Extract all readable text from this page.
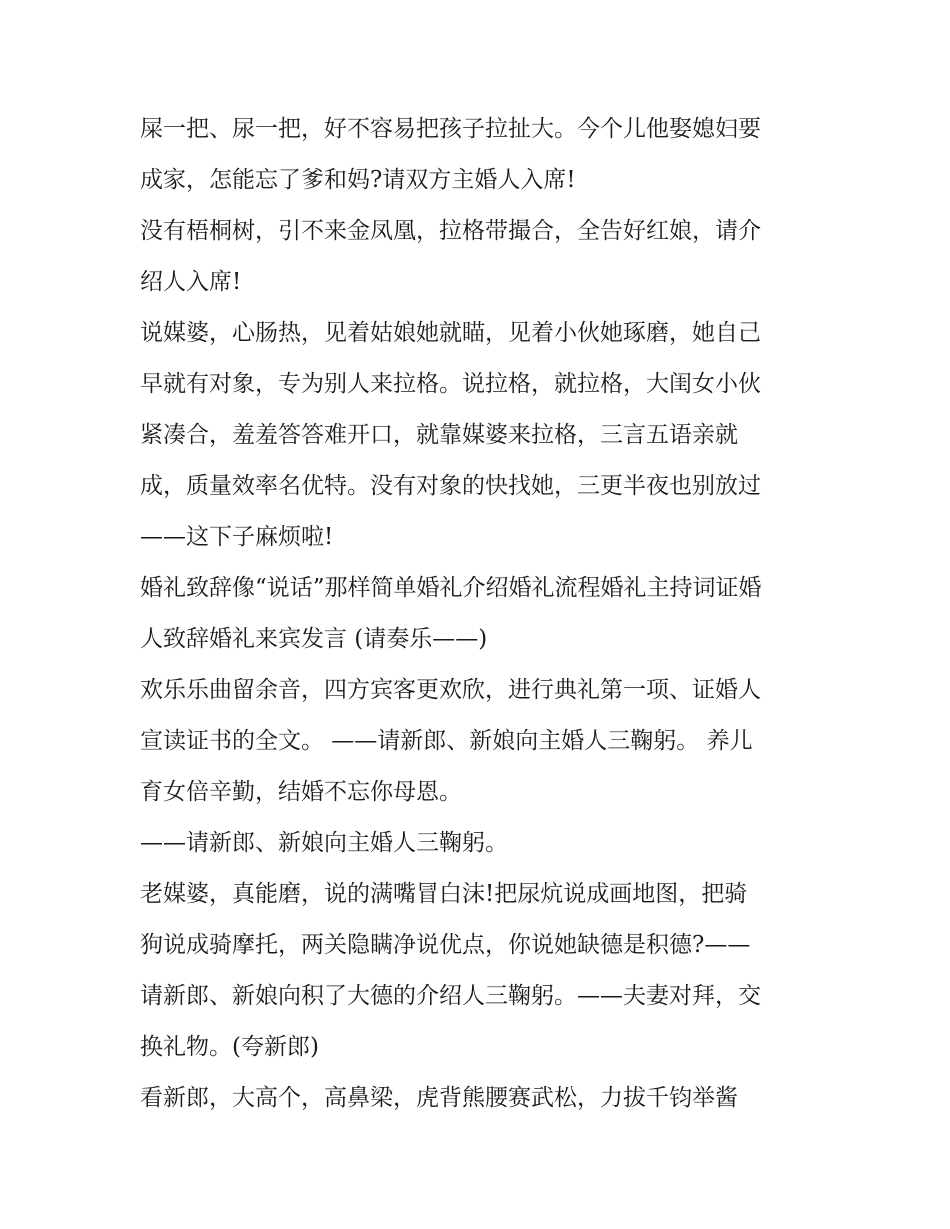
屎一把、尿一把，好不容易把孩子拉扯大。今个儿他娶媳妇要
成家，怎能忘了爹和妈?请双方主婚人入席!
没有梧桐树，引不来金凤凰，拉格带撮合，全告好红娘，请介
绍人入席!
说媒婆，心肠热，见着姑娘她就瞄，见着小伙她琢磨，她自己
早就有对象，专为别人来拉格。说拉格，就拉格，大闺女小伙
紧凑合，羞羞答答难开口，就靠媒婆来拉格，三言五语亲就
成，质量效率名优特。没有对象的快找她，三更半夜也别放过
——这下子麻烦啦!
婚礼致辞像“说话”那样简单婚礼介绍婚礼流程婚礼主持词证婚
人致辞婚礼来宾发言 (请奏乐——)
欢乐乐曲留余音，四方宾客更欢欣，进行典礼第一项、证婚人
宣读证书的全文。 ——请新郎、新娘向主婚人三鞠躬。 养儿
育女倍辛勤，结婚不忘你母恩。
——请新郎、新娘向主婚人三鞠躬。
老媒婆，真能磨，说的满嘴冒白沫!把尿炕说成画地图，把骑
狗说成骑摩托，两关隐瞒净说优点，你说她缺德是积德?——
请新郎、新娘向积了大德的介绍人三鞠躬。——夫妻对拜，交
换礼物。(夸新郎)
看新郎，大高个，高鼻梁，虎背熊腰赛武松，力拔千钧举酱
